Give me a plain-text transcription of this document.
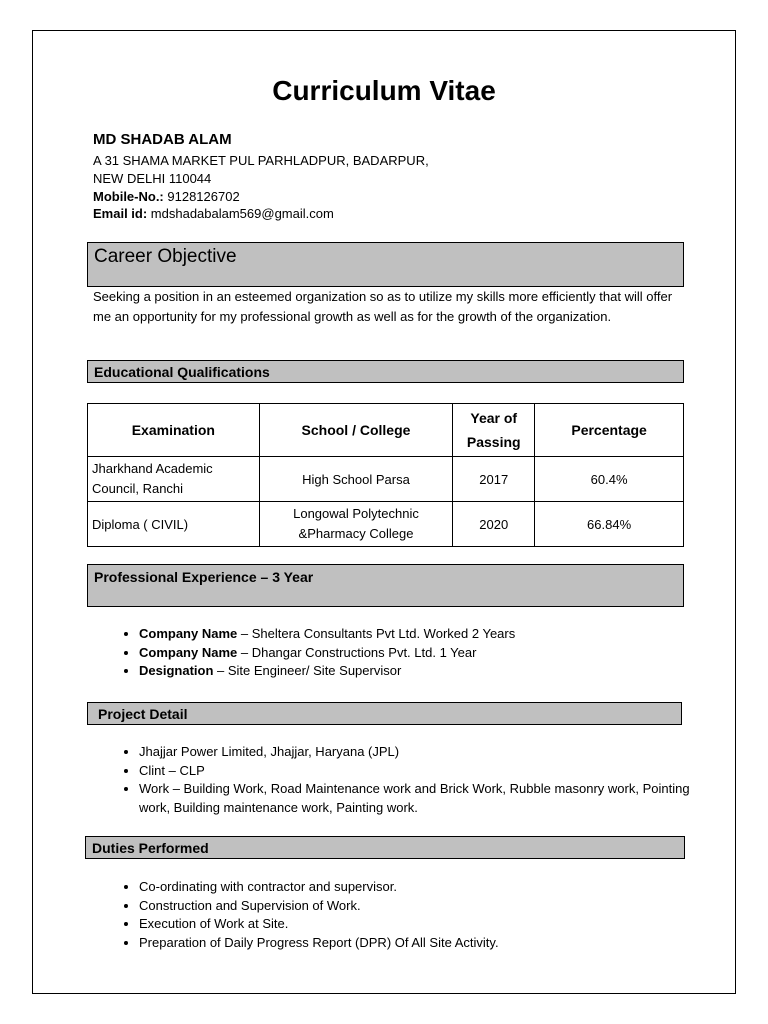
Curriculum Vitae
MD SHADAB ALAM
A 31 SHAMA MARKET PUL PARHLADPUR, BADARPUR,
NEW DELHI 110044
Mobile-No.: 9128126702
Email id: mdshadabalam569@gmail.com
Career Objective
Seeking a position in an esteemed organization so as to utilize my skills more efficiently that will offer me an opportunity for my professional growth as well as for the growth of the organization.
Educational Qualifications
Examination	School / College	Year of Passing	Percentage
Jharkhand Academic Council, Ranchi	High School Parsa	2017	60.4%
Diploma ( CIVIL)	Longowal Polytechnic &Pharmacy College	2020	66.84%
Professional Experience – 3 Year
• Company Name – Sheltera Consultants Pvt Ltd. Worked 2 Years
• Company Name – Dhangar Constructions Pvt. Ltd. 1 Year
• Designation – Site Engineer/ Site Supervisor
Project Detail
• Jhajjar Power Limited, Jhajjar, Haryana (JPL)
• Clint – CLP
• Work – Building Work, Road Maintenance work and Brick Work, Rubble masonry work, Pointing work, Building maintenance work, Painting work.
Duties Performed
• Co-ordinating with contractor and supervisor.
• Construction and Supervision of Work.
• Execution of Work at Site.
• Preparation of Daily Progress Report (DPR) Of All Site Activity.
